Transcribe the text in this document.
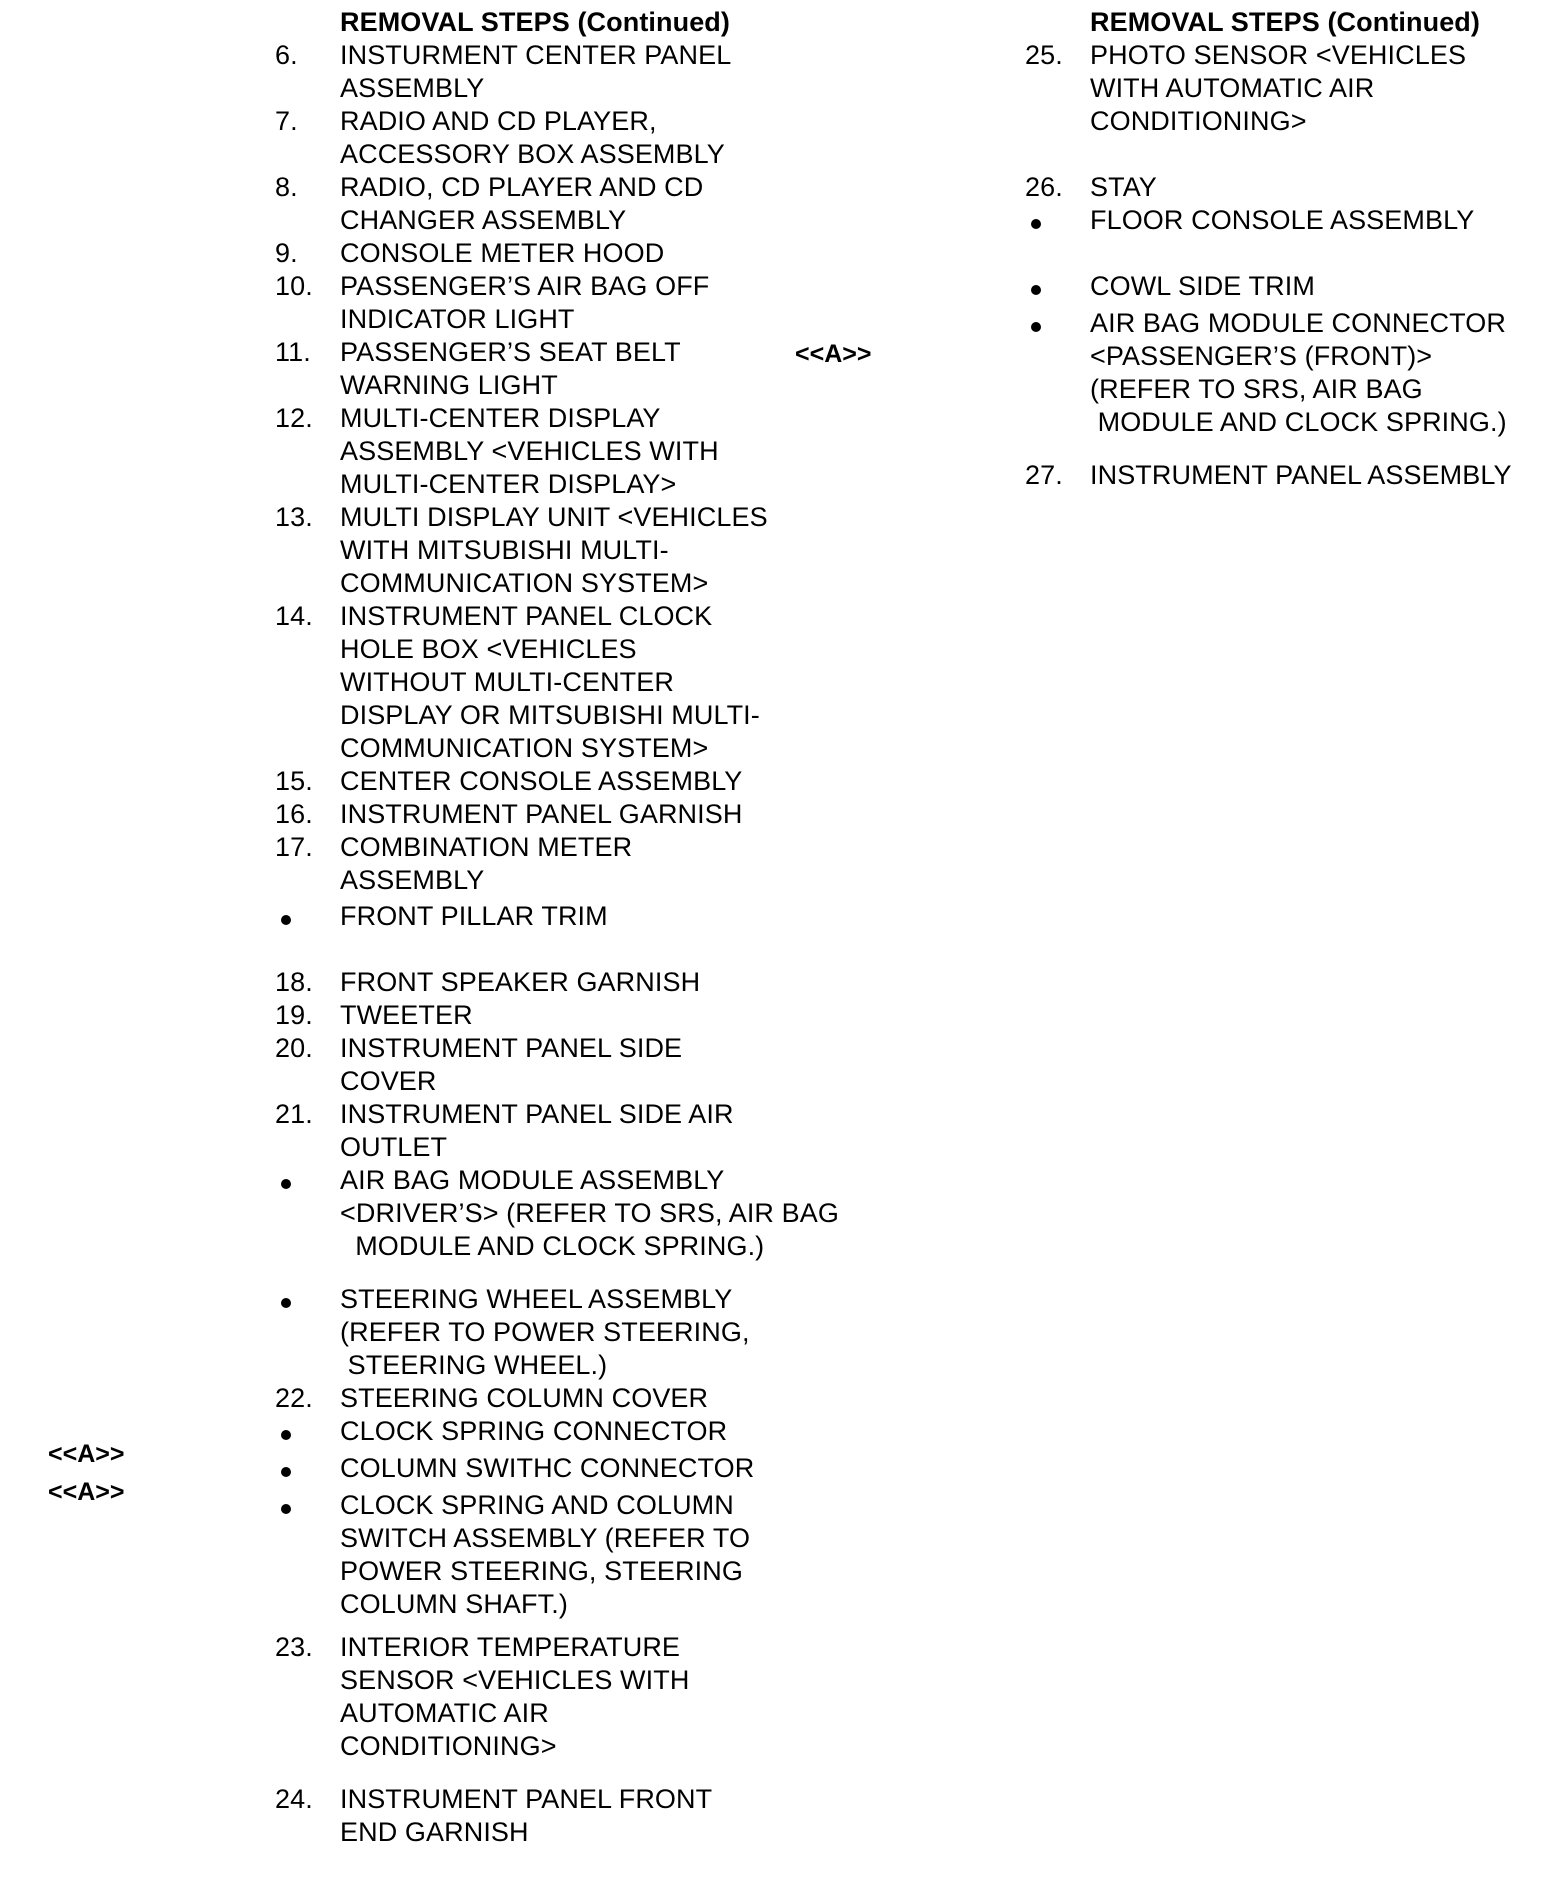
REMOVAL STEPS (Continued)
6.	INSTURMENT CENTER PANEL
ASSEMBLY
7.	RADIO AND CD PLAYER,
ACCESSORY BOX ASSEMBLY
8.	RADIO, CD PLAYER AND CD
CHANGER ASSEMBLY
9.	CONSOLE METER HOOD
10.	PASSENGER’S AIR BAG OFF
INDICATOR LIGHT
11.	PASSENGER’S SEAT BELT
WARNING LIGHT
12.	MULTI-CENTER DISPLAY
ASSEMBLY <VEHICLES WITH
MULTI-CENTER DISPLAY>
13.	MULTI DISPLAY UNIT <VEHICLES
WITH MITSUBISHI MULTI-
COMMUNICATION SYSTEM>
14.	INSTRUMENT PANEL CLOCK
HOLE BOX <VEHICLES
WITHOUT MULTI-CENTER
DISPLAY OR MITSUBISHI MULTI-
COMMUNICATION SYSTEM>
15.	CENTER CONSOLE ASSEMBLY
16.	INSTRUMENT PANEL GARNISH
17.	COMBINATION METER
ASSEMBLY
FRONT PILLAR TRIM
18.	FRONT SPEAKER GARNISH
19.	TWEETER
20.	INSTRUMENT PANEL SIDE
COVER
21.	INSTRUMENT PANEL SIDE AIR
OUTLET
AIR BAG MODULE ASSEMBLY
<DRIVER’S> (REFER TO SRS, AIR BAG
MODULE AND CLOCK SPRING.)
STEERING WHEEL ASSEMBLY
(REFER TO POWER STEERING,
STEERING WHEEL.)
22.	STEERING COLUMN COVER
CLOCK SPRING CONNECTOR
COLUMN SWITHC CONNECTOR
CLOCK SPRING AND COLUMN
SWITCH ASSEMBLY (REFER TO
POWER STEERING, STEERING
COLUMN SHAFT.)
23.	INTERIOR TEMPERATURE
SENSOR <VEHICLES WITH
AUTOMATIC AIR
CONDITIONING>
24.	INSTRUMENT PANEL FRONT
END GARNISH
REMOVAL STEPS (Continued)
25.	PHOTO SENSOR <VEHICLES
WITH AUTOMATIC AIR
CONDITIONING>
26.	STAY
FLOOR CONSOLE ASSEMBLY
COWL SIDE TRIM
AIR BAG MODULE CONNECTOR
<PASSENGER’S (FRONT)>
(REFER TO SRS, AIR BAG
MODULE AND CLOCK SPRING.)
27.	INSTRUMENT PANEL ASSEMBLY
<<A>>
<<A>>
<<A>>
